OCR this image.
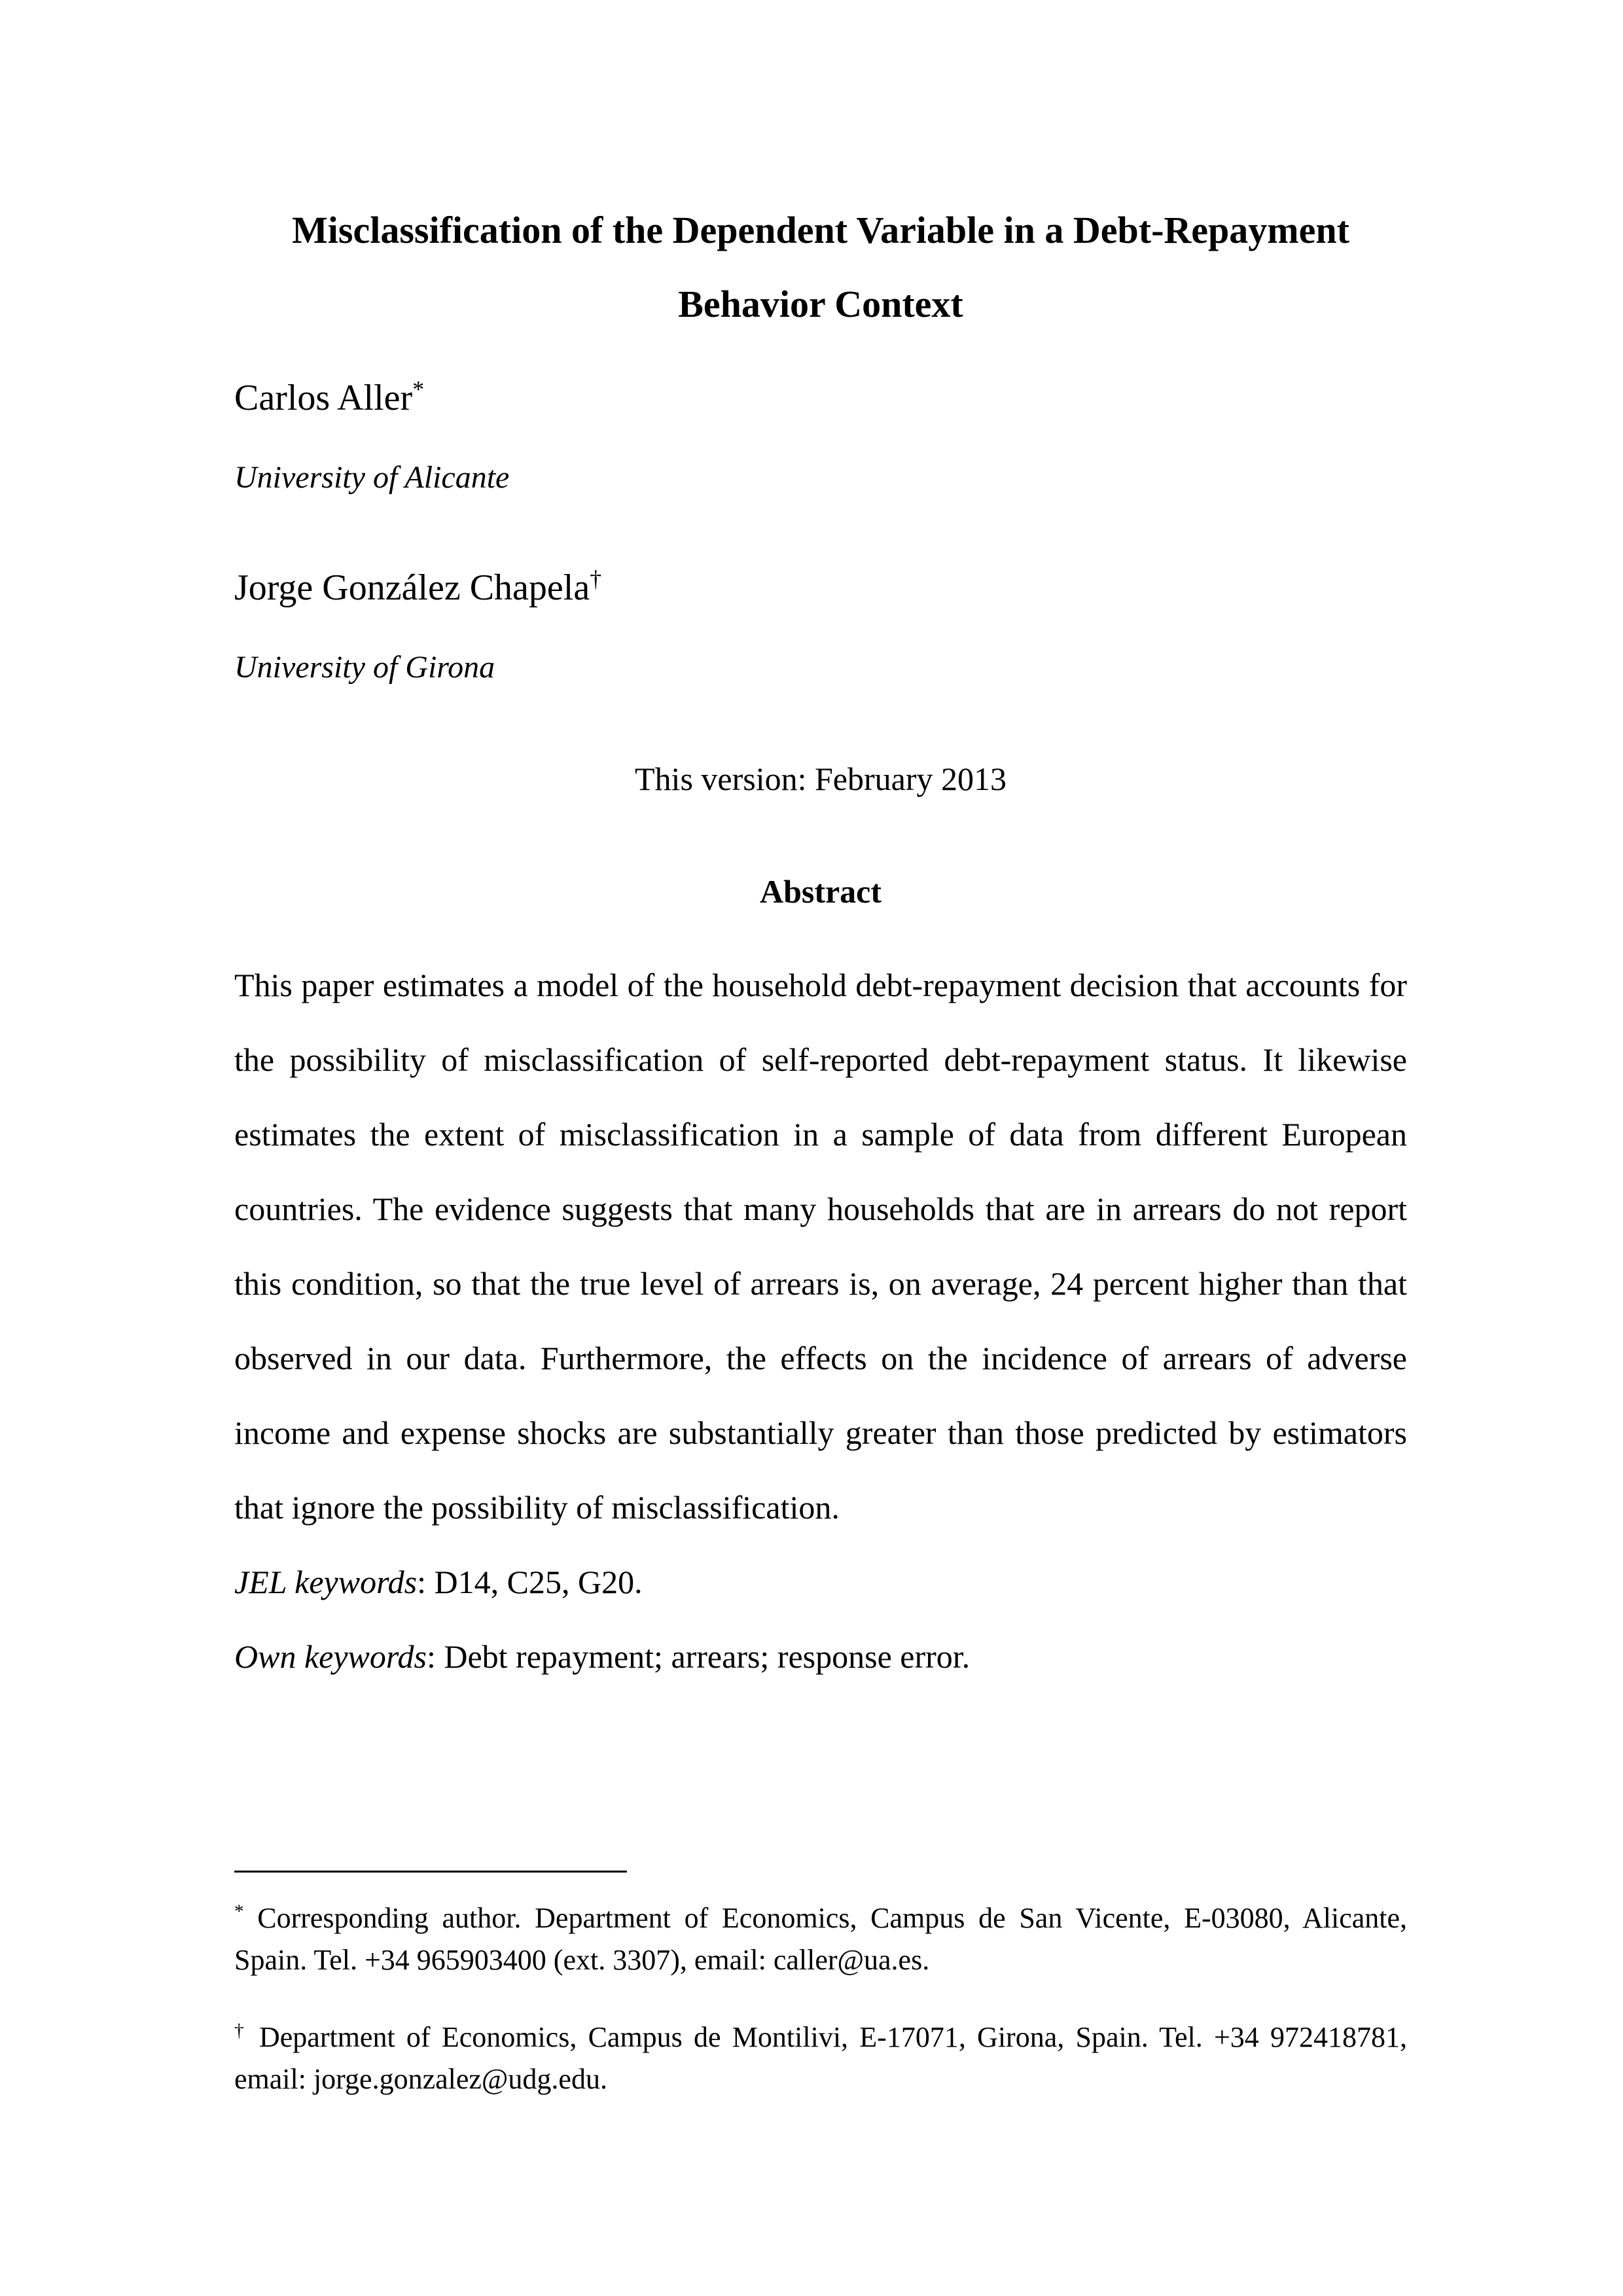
Misclassification of the Dependent Variable in a Debt-Repayment
Behavior Context

Carlos Aller*

University of Alicante

Jorge González Chapela†

University of Girona

This version: February 2013

Abstract

This paper estimates a model of the household debt-repayment decision that accounts for the possibility of misclassification of self-reported debt-repayment status. It likewise estimates the extent of misclassification in a sample of data from different European countries. The evidence suggests that many households that are in arrears do not report this condition, so that the true level of arrears is, on average, 24 percent higher than that observed in our data. Furthermore, the effects on the incidence of arrears of adverse income and expense shocks are substantially greater than those predicted by estimators that ignore the possibility of misclassification.

JEL keywords: D14, C25, G20.

Own keywords: Debt repayment; arrears; response error.

* Corresponding author. Department of Economics, Campus de San Vicente, E-03080, Alicante, Spain. Tel. +34 965903400 (ext. 3307), email: caller@ua.es.

† Department of Economics, Campus de Montilivi, E-17071, Girona, Spain. Tel. +34 972418781, email: jorge.gonzalez@udg.edu.
